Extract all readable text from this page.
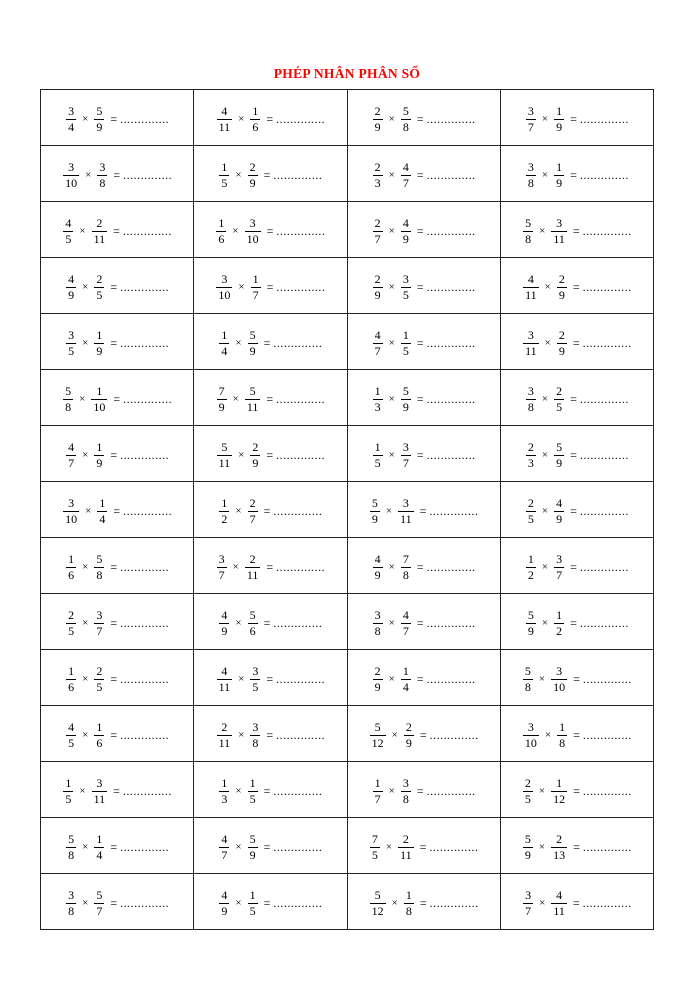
PHÉP NHÂN PHÂN SỐ
$\frac{3}{4} \times \frac{5}{9}$ = ..............	$\frac{4}{11} \times \frac{1}{6}$ = ..............	$\frac{2}{9} \times \frac{5}{8}$ = ..............	$\frac{3}{7} \times \frac{1}{9}$ = ..............

$\frac{3}{10} \times \frac{3}{8}$ = ..............	$\frac{1}{5} \times \frac{2}{9}$ = ..............	$\frac{2}{3} \times \frac{4}{7}$ = ..............	$\frac{3}{8} \times \frac{1}{9}$ = ..............

$\frac{4}{5} \times \frac{2}{11}$ = ..............	$\frac{1}{6} \times \frac{3}{10}$ = ..............	$\frac{2}{7} \times \frac{4}{9}$ = ..............	$\frac{5}{8} \times \frac{3}{11}$ = ..............

$\frac{4}{9} \times \frac{2}{5}$ = ..............	$\frac{3}{10} \times \frac{1}{7}$ = ..............	$\frac{2}{9} \times \frac{3}{5}$ = ..............	$\frac{4}{11} \times \frac{2}{9}$ = ..............

$\frac{3}{5} \times \frac{1}{9}$ = ..............	$\frac{1}{4} \times \frac{5}{9}$ = ..............	$\frac{4}{7} \times \frac{1}{5}$ = ..............	$\frac{3}{11} \times \frac{2}{9}$ = ..............

$\frac{5}{8} \times \frac{1}{10}$ = ..............	$\frac{7}{9} \times \frac{5}{11}$ = ..............	$\frac{1}{3} \times \frac{5}{9}$ = ..............	$\frac{3}{8} \times \frac{2}{5}$ = ..............

$\frac{4}{7} \times \frac{1}{9}$ = ..............	$\frac{5}{11} \times \frac{2}{9}$ = ..............	$\frac{1}{5} \times \frac{3}{7}$ = ..............	$\frac{2}{3} \times \frac{5}{9}$ = ..............

$\frac{3}{10} \times \frac{1}{4}$ = ..............	$\frac{1}{2} \times \frac{2}{7}$ = ..............	$\frac{5}{9} \times \frac{3}{11}$ = ..............	$\frac{2}{5} \times \frac{4}{9}$ = ..............

$\frac{1}{6} \times \frac{5}{8}$ = ..............	$\frac{3}{7} \times \frac{2}{11}$ = ..............	$\frac{4}{9} \times \frac{7}{8}$ = ..............	$\frac{1}{2} \times \frac{3}{7}$ = ..............

$\frac{2}{5} \times \frac{3}{7}$ = ..............	$\frac{4}{9} \times \frac{5}{6}$ = ..............	$\frac{3}{8} \times \frac{4}{7}$ = ..............	$\frac{5}{9} \times \frac{1}{2}$ = ..............

$\frac{1}{6} \times \frac{2}{5}$ = ..............	$\frac{4}{11} \times \frac{3}{5}$ = ..............	$\frac{2}{9} \times \frac{1}{4}$ = ..............	$\frac{5}{8} \times \frac{3}{10}$ = ..............

$\frac{4}{5} \times \frac{1}{6}$ = ..............	$\frac{2}{11} \times \frac{3}{8}$ = ..............	$\frac{5}{12} \times \frac{2}{9}$ = ..............	$\frac{3}{10} \times \frac{1}{8}$ = ..............

$\frac{1}{5} \times \frac{3}{11}$ = ..............	$\frac{1}{3} \times \frac{1}{5}$ = ..............	$\frac{1}{7} \times \frac{3}{8}$ = ..............	$\frac{2}{5} \times \frac{1}{12}$ = ..............

$\frac{5}{8} \times \frac{1}{4}$ = ..............	$\frac{4}{7} \times \frac{5}{9}$ = ..............	$\frac{7}{5} \times \frac{2}{11}$ = ..............	$\frac{5}{9} \times \frac{2}{13}$ = ..............

$\frac{3}{8} \times \frac{5}{7}$ = ..............	$\frac{4}{9} \times \frac{1}{5}$ = ..............	$\frac{5}{12} \times \frac{1}{8}$ = ..............	$\frac{3}{7} \times \frac{4}{11}$ = ..............
